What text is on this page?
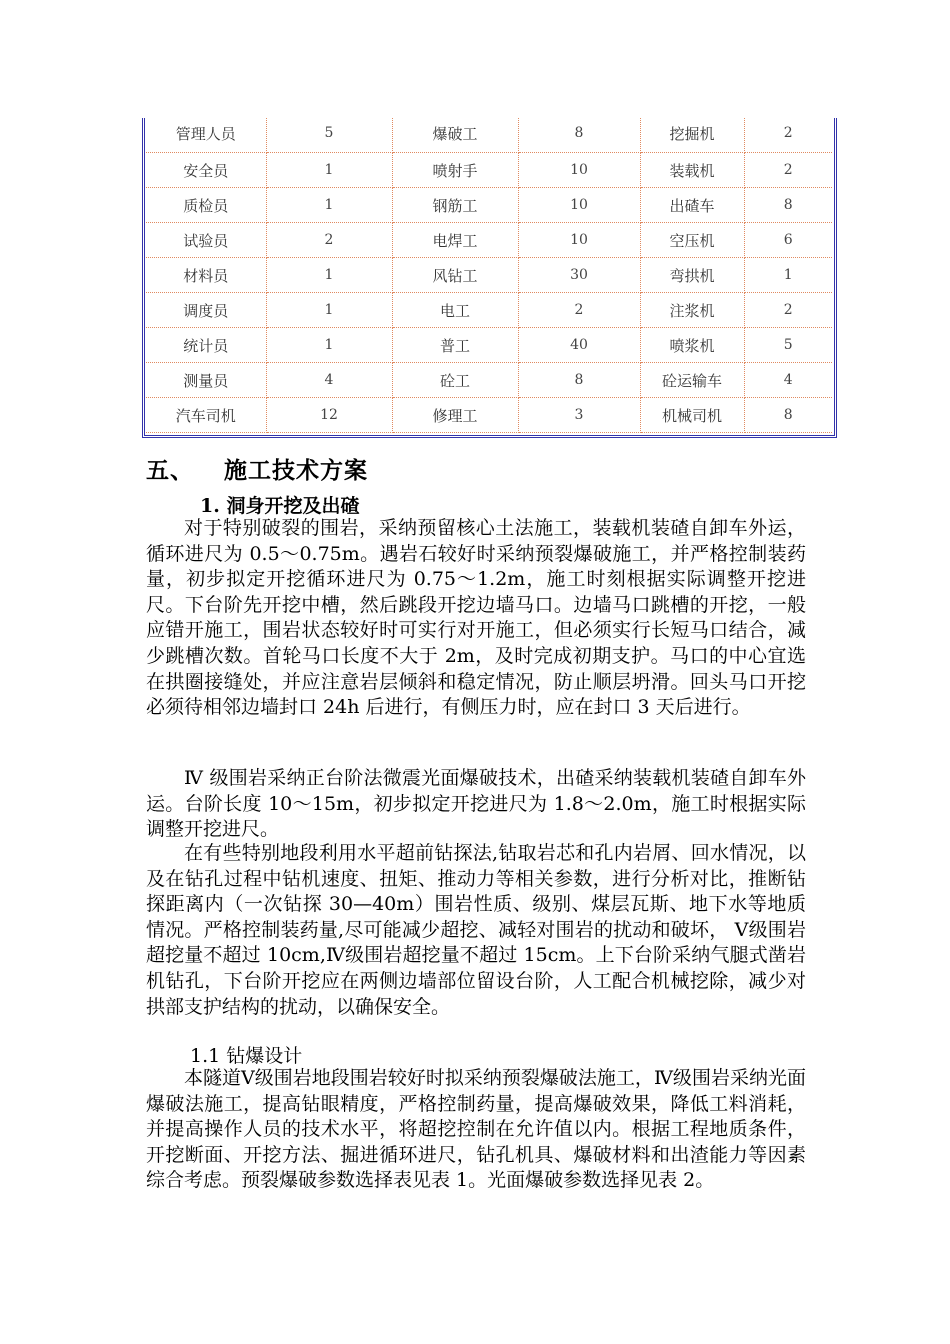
管理人员	5	爆破工	8	挖掘机	2
安全员	1	喷射手	10	装载机	2
质检员	1	钢筋工	10	出碴车	8
试验员	2	电焊工	10	空压机	6
材料员	1	风钻工	30	弯拱机	1
调度员	1	电工	2	注浆机	2
统计员	1	普工	40	喷浆机	5
测量员	4	砼工	8	砼运输车	4
汽车司机	12	修理工	3	机械司机	8
五、 施工技术方案
1. 洞身开挖及出碴

对于特别破裂的围岩，采纳预留核心土法施工，装载机装碴自卸车外运，循环进尺为 0.5～0.75m。遇岩石较好时采纳预裂爆破施工，并严格控制装药量，初步拟定开挖循环进尺为 0.75～1.2m，施工时刻根据实际调整开挖进尺。下台阶先开挖中槽，然后跳段开挖边墙马口。边墙马口跳槽的开挖，一般应错开施工，围岩状态较好时可实行对开施工，但必须实行长短马口结合，减少跳槽次数。首轮马口长度不大于 2m，及时完成初期支护。马口的中心宜选在拱圈接缝处，并应注意岩层倾斜和稳定情况，防止顺层坍滑。回头马口开挖必须待相邻边墙封口 24h 后进行，有侧压力时，应在封口 3 天后进行。

Ⅳ 级围岩采纳正台阶法微震光面爆破技术，出碴采纳装载机装碴自卸车外运。台阶长度 10～15m，初步拟定开挖进尺为 1.8～2.0m，施工时根据实际调整开挖进尺。

在有些特别地段利用水平超前钻探法,钻取岩芯和孔内岩屑、回水情况，以及在钻孔过程中钻机速度、扭矩、推动力等相关参数，进行分析对比，推断钻探距离内（一次钻探 30—40m）围岩性质、级别、煤层瓦斯、地下水等地质情况。严格控制装药量,尽可能减少超挖、减轻对围岩的扰动和破坏， Ⅴ级围岩超挖量不超过 10cm,Ⅳ级围岩超挖量不超过 15cm。上下台阶采纳气腿式凿岩机钻孔，下台阶开挖应在两侧边墙部位留设台阶，人工配合机械挖除，减少对拱部支护结构的扰动，以确保安全。

1.1 钻爆设计

本隧道Ⅴ级围岩地段围岩较好时拟采纳预裂爆破法施工，Ⅳ级围岩采纳光面爆破法施工，提高钻眼精度，严格控制药量，提高爆破效果，降低工料消耗，并提高操作人员的技术水平，将超挖控制在允许值以内。根据工程地质条件，开挖断面、开挖方法、掘进循环进尺，钻孔机具、爆破材料和出渣能力等因素综合考虑。预裂爆破参数选择表见表 1。光面爆破参数选择见表 2。
